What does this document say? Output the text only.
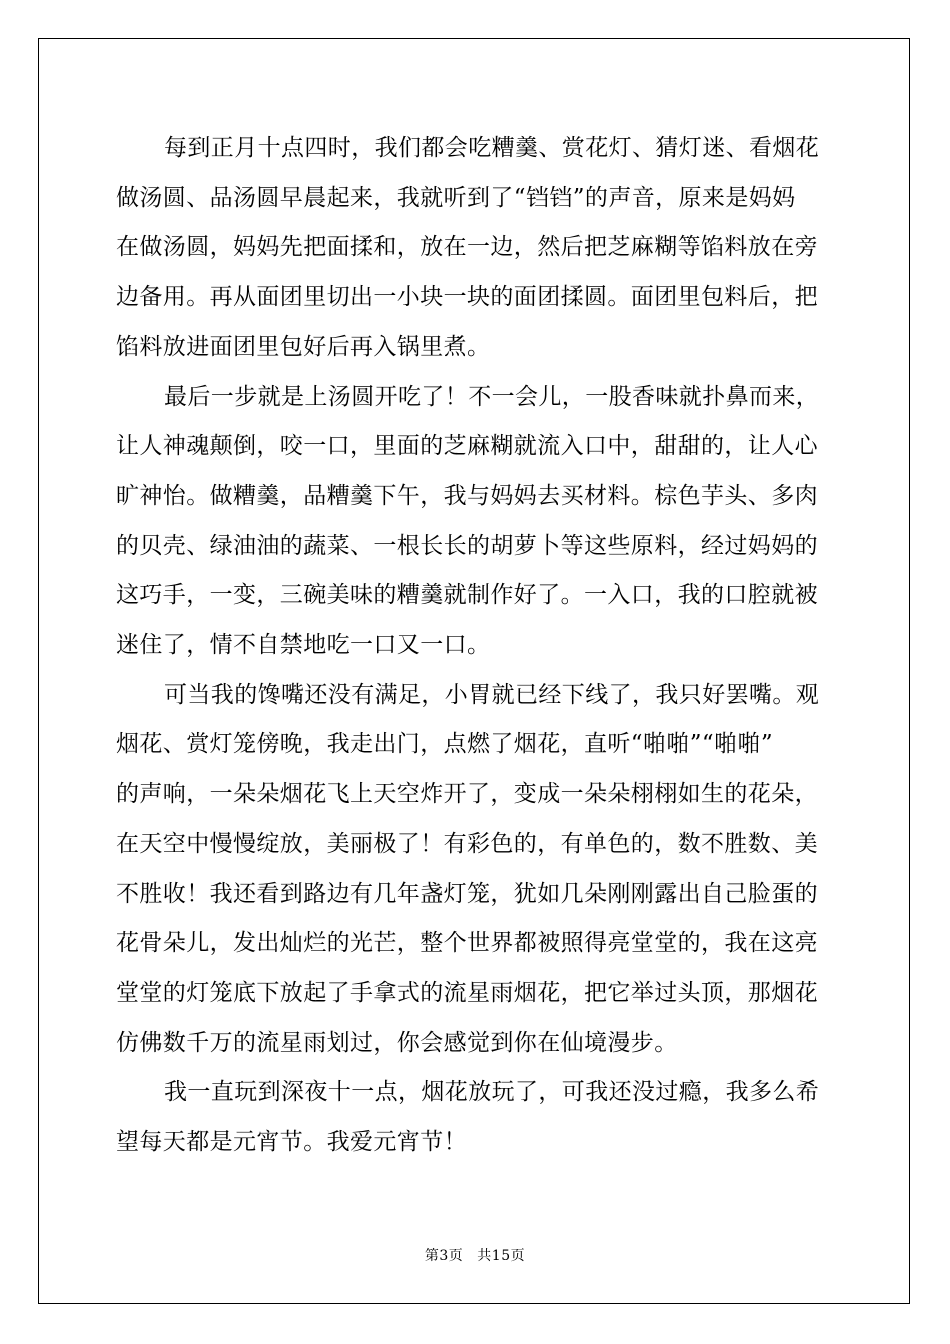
每到正月十点四时，我们都会吃糟羹、赏花灯、猜灯迷、看烟花
做汤圆、品汤圆早晨起来，我就听到了“铛铛”的声音，原来是妈妈
在做汤圆，妈妈先把面揉和，放在一边，然后把芝麻糊等馅料放在旁
边备用。再从面团里切出一小块一块的面团揉圆。面团里包料后，把
馅料放进面团里包好后再入锅里煮。
最后一步就是上汤圆开吃了！不一会儿，一股香味就扑鼻而来，
让人神魂颠倒，咬一口，里面的芝麻糊就流入口中，甜甜的，让人心
旷神怡。做糟羹，品糟羹下午，我与妈妈去买材料。棕色芋头、多肉
的贝壳、绿油油的蔬菜、一根长长的胡萝卜等这些原料，经过妈妈的
这巧手，一变，三碗美味的糟羹就制作好了。一入口，我的口腔就被
迷住了，情不自禁地吃一口又一口。
可当我的馋嘴还没有满足，小胃就已经下线了，我只好罢嘴。观
烟花、赏灯笼傍晚，我走出门，点燃了烟花，直听“啪啪”“啪啪”
的声响，一朵朵烟花飞上天空炸开了，变成一朵朵栩栩如生的花朵，
在天空中慢慢绽放，美丽极了！有彩色的，有单色的，数不胜数、美
不胜收！我还看到路边有几年盏灯笼，犹如几朵刚刚露出自己脸蛋的
花骨朵儿，发出灿烂的光芒，整个世界都被照得亮堂堂的，我在这亮
堂堂的灯笼底下放起了手拿式的流星雨烟花，把它举过头顶，那烟花
仿佛数千万的流星雨划过，你会感觉到你在仙境漫步。
我一直玩到深夜十一点，烟花放玩了，可我还没过瘾，我多么希
望每天都是元宵节。我爱元宵节！
第3页 共15页
